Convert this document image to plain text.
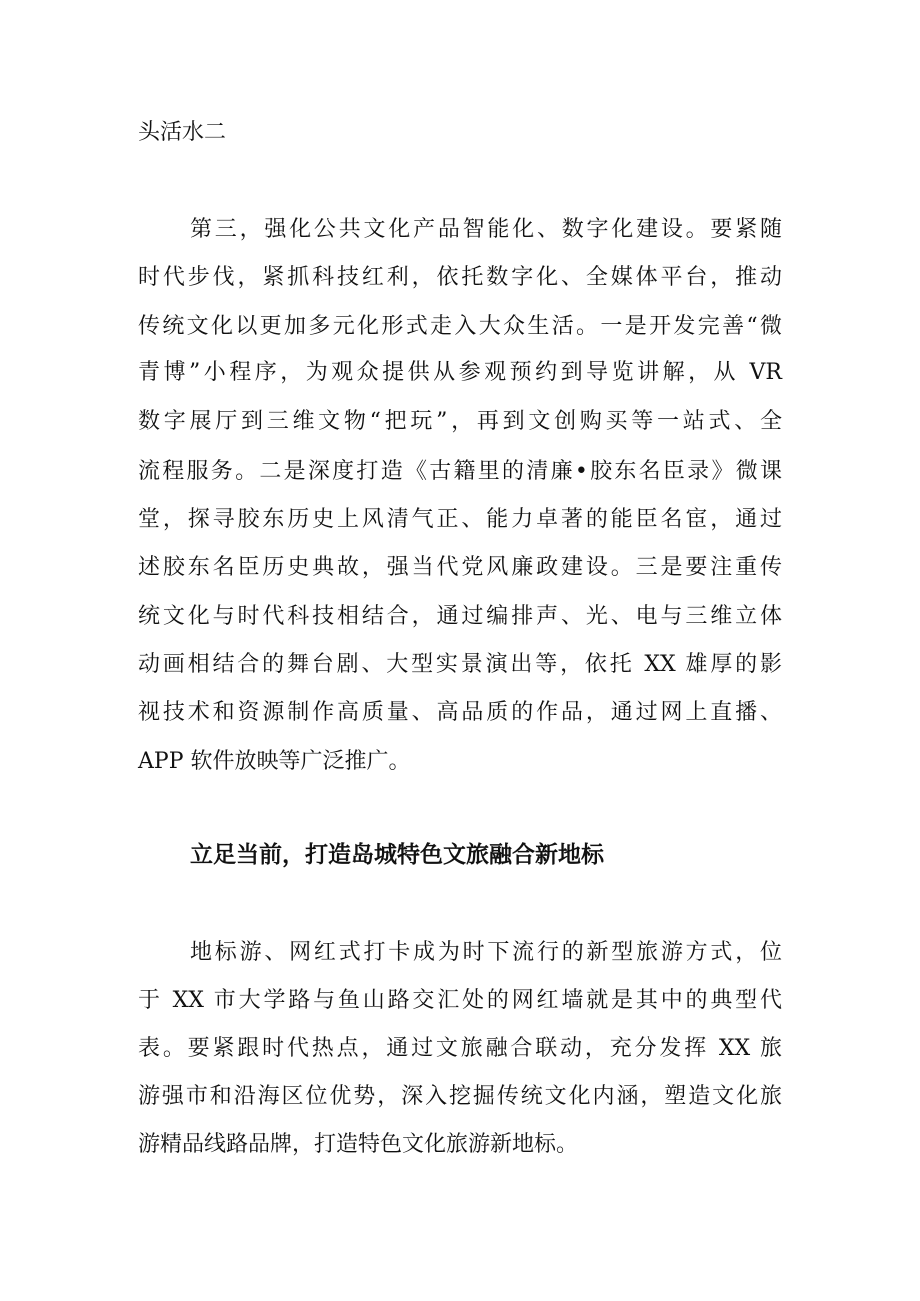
头活水二
第三，强化公共文化产品智能化、数字化建设。要紧随
时代步伐，紧抓科技红利，依托数字化、全媒体平台，推动
传统文化以更加多元化形式走入大众生活。一是开发完善“微
青博”小程序，为观众提供从参观预约到导览讲解，从 VR
数字展厅到三维文物“把玩”，再到文创购买等一站式、全
流程服务。二是深度打造《古籍里的清廉•胶东名臣录》微课
堂，探寻胶东历史上风清气正、能力卓著的能臣名宦，通过
述胶东名臣历史典故，强当代党风廉政建设。三是要注重传
统文化与时代科技相结合，通过编排声、光、电与三维立体
动画相结合的舞台剧、大型实景演出等，依托 XX 雄厚的影
视技术和资源制作高质量、高品质的作品，通过网上直播、
APP 软件放映等广泛推广。
立足当前，打造岛城特色文旅融合新地标
地标游、网红式打卡成为时下流行的新型旅游方式，位
于 XX 市大学路与鱼山路交汇处的网红墙就是其中的典型代
表。要紧跟时代热点，通过文旅融合联动，充分发挥 XX 旅
游强市和沿海区位优势，深入挖掘传统文化内涵，塑造文化旅
游精品线路品牌，打造特色文化旅游新地标。
